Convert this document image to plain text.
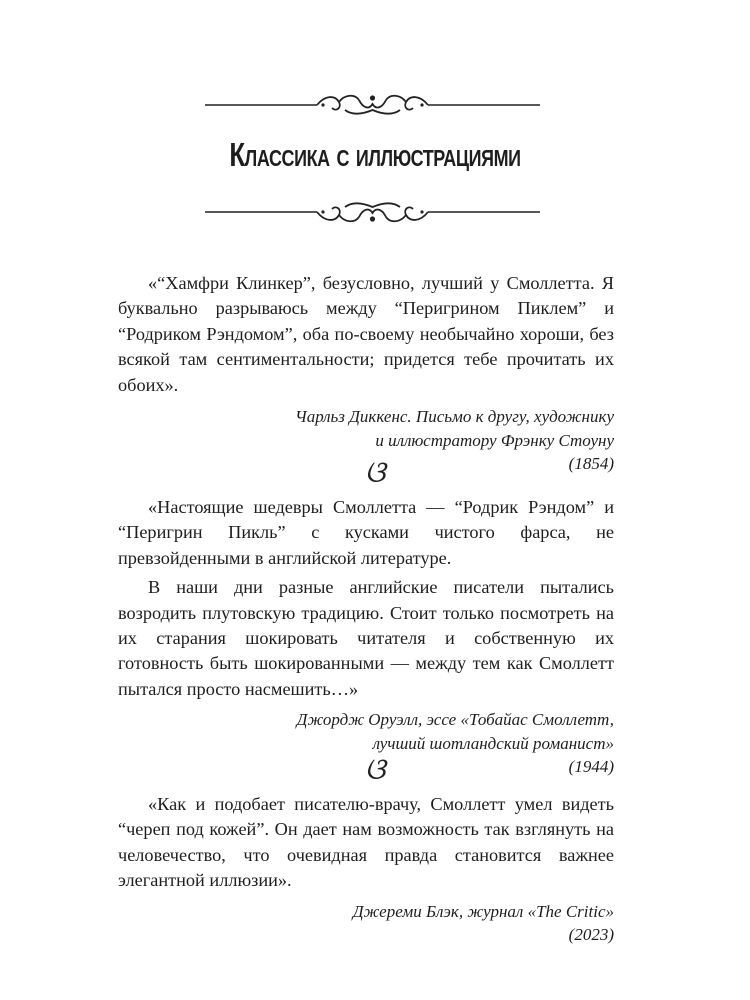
Классика с иллюстрациями

«“Хамфри Клинкер”, безусловно, лучший у Смоллетта. Я буквально разрываюсь между “Перигрином Пиклем” и “Родриком Рэндомом”, оба по-своему необычайно хороши, без всякой там сентиментальности; придется тебе прочитать их обоих».

Чарльз Диккенс. Письмо к другу, художнику
и иллюстратору Фрэнку Стоуну
(1854)
ଓ

«Настоящие шедевры Смоллетта — “Родрик Рэндом” и “Перигрин Пикль” с кусками чистого фарса, не превзойденными в английской литературе.

В наши дни разные английские писатели пытались возродить плутовскую традицию. Стоит только посмотреть на их старания шокировать читателя и собственную их готовность быть шокированными — между тем как Смоллетт пытался просто насмешить…»

Джордж Оруэлл, эссе «Тобайас Смоллетт,
лучший шотландский романист»
(1944)
ଓ

«Как и подобает писателю-врачу, Смоллетт умел видеть “череп под кожей”. Он дает нам возможность так взглянуть на человечество, что очевидная правда становится важнее элегантной иллюзии».

Джереми Блэк, журнал «The Critic»
(2023)
